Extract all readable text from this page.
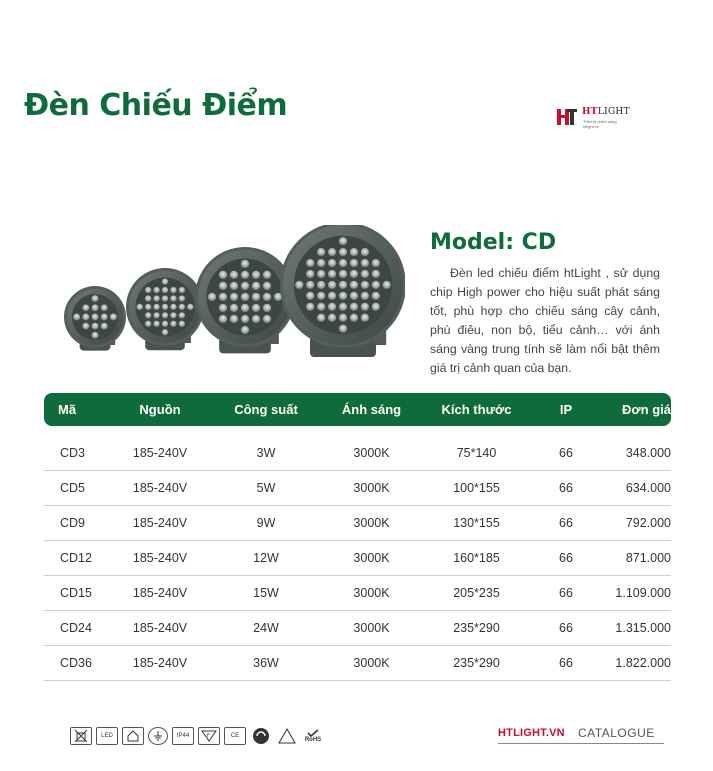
Đèn Chiếu Điểm	HTLIGHT
Thiết bị chiếu sáng htlight.vn
Model: CD
Đèn led chiếu điểm htLight , sử dụng chip High power cho hiệu suất phát sáng tốt, phù hợp cho chiếu sáng cây cảnh, phù điêu, non bộ, tiểu cảnh… với ánh sáng vàng trung tính sẽ làm nổi bật thêm giá trị cảnh quan của bạn.
Mã	Nguồn	Công suất	Ánh sáng	Kích thước	IP	Đơn giá
CD3	185-240V	3W	3000K	75*140	66	348.000
CD5	185-240V	5W	3000K	100*155	66	634.000
CD9	185-240V	9W	3000K	130*155	66	792.000
CD12	185-240V	12W	3000K	160*185	66	871.000
CD15	185-240V	15W	3000K	205*235	66	1.109.000
CD24	185-240V	24W	3000K	235*290	66	1.315.000
CD36	185-240V	36W	3000K	235*290	66	1.822.000
LED	IP44	F	CE
RoHS
HTLIGHT.VN CATALOGUE
